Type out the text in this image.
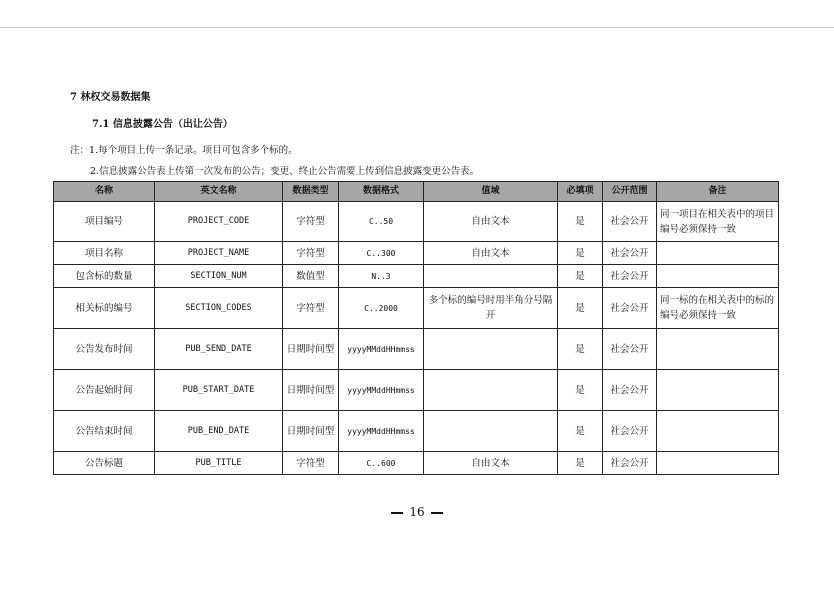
7 林权交易数据集
7.1 信息披露公告（出让公告）
注：1.每个项目上传一条记录。项目可包含多个标的。
2.信息披露公告表上传第一次发布的公告；变更、终止公告需要上传到信息披露变更公告表。
名称	英文名称	数据类型	数据格式	值域	必填项	公开范围	备注
项目编号	PROJECT_CODE	字符型	C..50	自由文本	是	社会公开	同一项目在相关表中的项目编号必须保持一致
项目名称	PROJECT_NAME	字符型	C..300	自由文本	是	社会公开	
包含标的数量	SECTION_NUM	数值型	N..3		是	社会公开	
相关标的编号	SECTION_CODES	字符型	C..2000	多个标的编号时用半角分号隔开	是	社会公开	同一标的在相关表中的标的编号必须保持一致
公告发布时间	PUB_SEND_DATE	日期时间型	yyyyMMddHHmmss		是	社会公开	
公告起始时间	PUB_START_DATE	日期时间型	yyyyMMddHHmmss		是	社会公开	
公告结束时间	PUB_END_DATE	日期时间型	yyyyMMddHHmmss		是	社会公开	
公告标题	PUB_TITLE	字符型	C..600	自由文本	是	社会公开	
16
